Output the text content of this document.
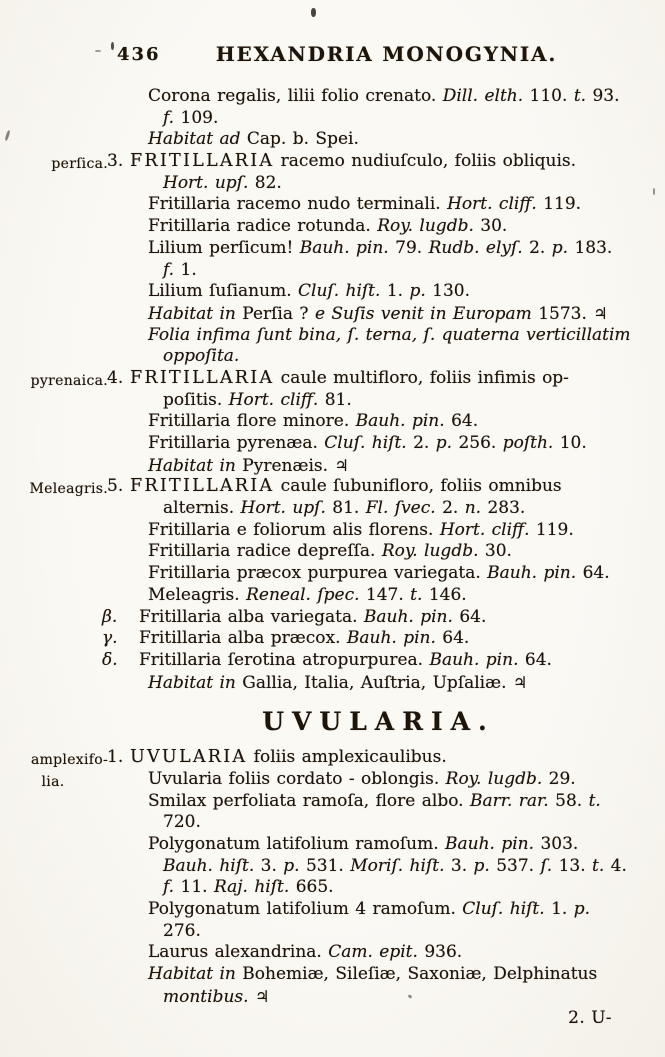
436	HEXANDRIA MONOGYNIA.
Corona regalis, lilii folio crenato. Dill. elth. 110. t. 93.
f. 109.
Habitat ad Cap. b. Spei.
perſica. 3. FRITILLARIA racemo nudiuſculo, foliis obliquis.
Hort. upſ. 82.
Fritillaria racemo nudo terminali. Hort. cliff. 119.
Fritillaria radice rotunda. Roy. lugdb. 30.
Lilium perſicum! Bauh. pin. 79. Rudb. elyſ. 2. p. 183.
f. 1.
Lilium ſuſianum. Cluſ. hiſt. 1. p. 130.
Habitat in Perſia ? e Suſis venit in Europam 1573. ♃
Folia infima ſunt bina, ſ. terna, ſ. quaterna verticillatim
oppoſita.
pyrenaica. 4. FRITILLARIA caule multifloro, foliis infimis op-
poſitis. Hort. cliff. 81.
Fritillaria flore minore. Bauh. pin. 64.
Fritillaria pyrenæa. Cluſ. hiſt. 2. p. 256. poſth. 10.
Habitat in Pyrenæis. ♃
Meleagris. 5. FRITILLARIA caule ſubunifloro, foliis omnibus
alternis. Hort. upſ. 81. Fl. ſvec. 2. n. 283.
Fritillaria e foliorum alis florens. Hort. cliff. 119.
Fritillaria radice depreſſa. Roy. lugdb. 30.
Fritillaria præcox purpurea variegata. Bauh. pin. 64.
Meleagris. Reneal. ſpec. 147. t. 146.
β. Fritillaria alba variegata. Bauh. pin. 64.
γ. Fritillaria alba præcox. Bauh. pin. 64.
δ. Fritillaria ſerotina atropurpurea. Bauh. pin. 64.
Habitat in Gallia, Italia, Auſtria, Upſaliæ. ♃
UVULARIA.
amplexifo- 1. UVULARIA foliis amplexicaulibus.
lia.	Uvularia foliis cordato - oblongis. Roy. lugdb. 29.
Smilax perfoliata ramoſa, flore albo. Barr. rar. 58. t.
720.
Polygonatum latifolium ramoſum. Bauh. pin. 303.
Bauh. hiſt. 3. p. 531. Moriſ. hiſt. 3. p. 537. ſ. 13. t. 4.
f. 11. Raj. hiſt. 665.
Polygonatum latifolium 4 ramoſum. Cluſ. hiſt. 1. p.
276.
Laurus alexandrina. Cam. epit. 936.
Habitat in Bohemiæ, Sileſiæ, Saxoniæ, Delphinatus
montibus. ♃
2. U-
